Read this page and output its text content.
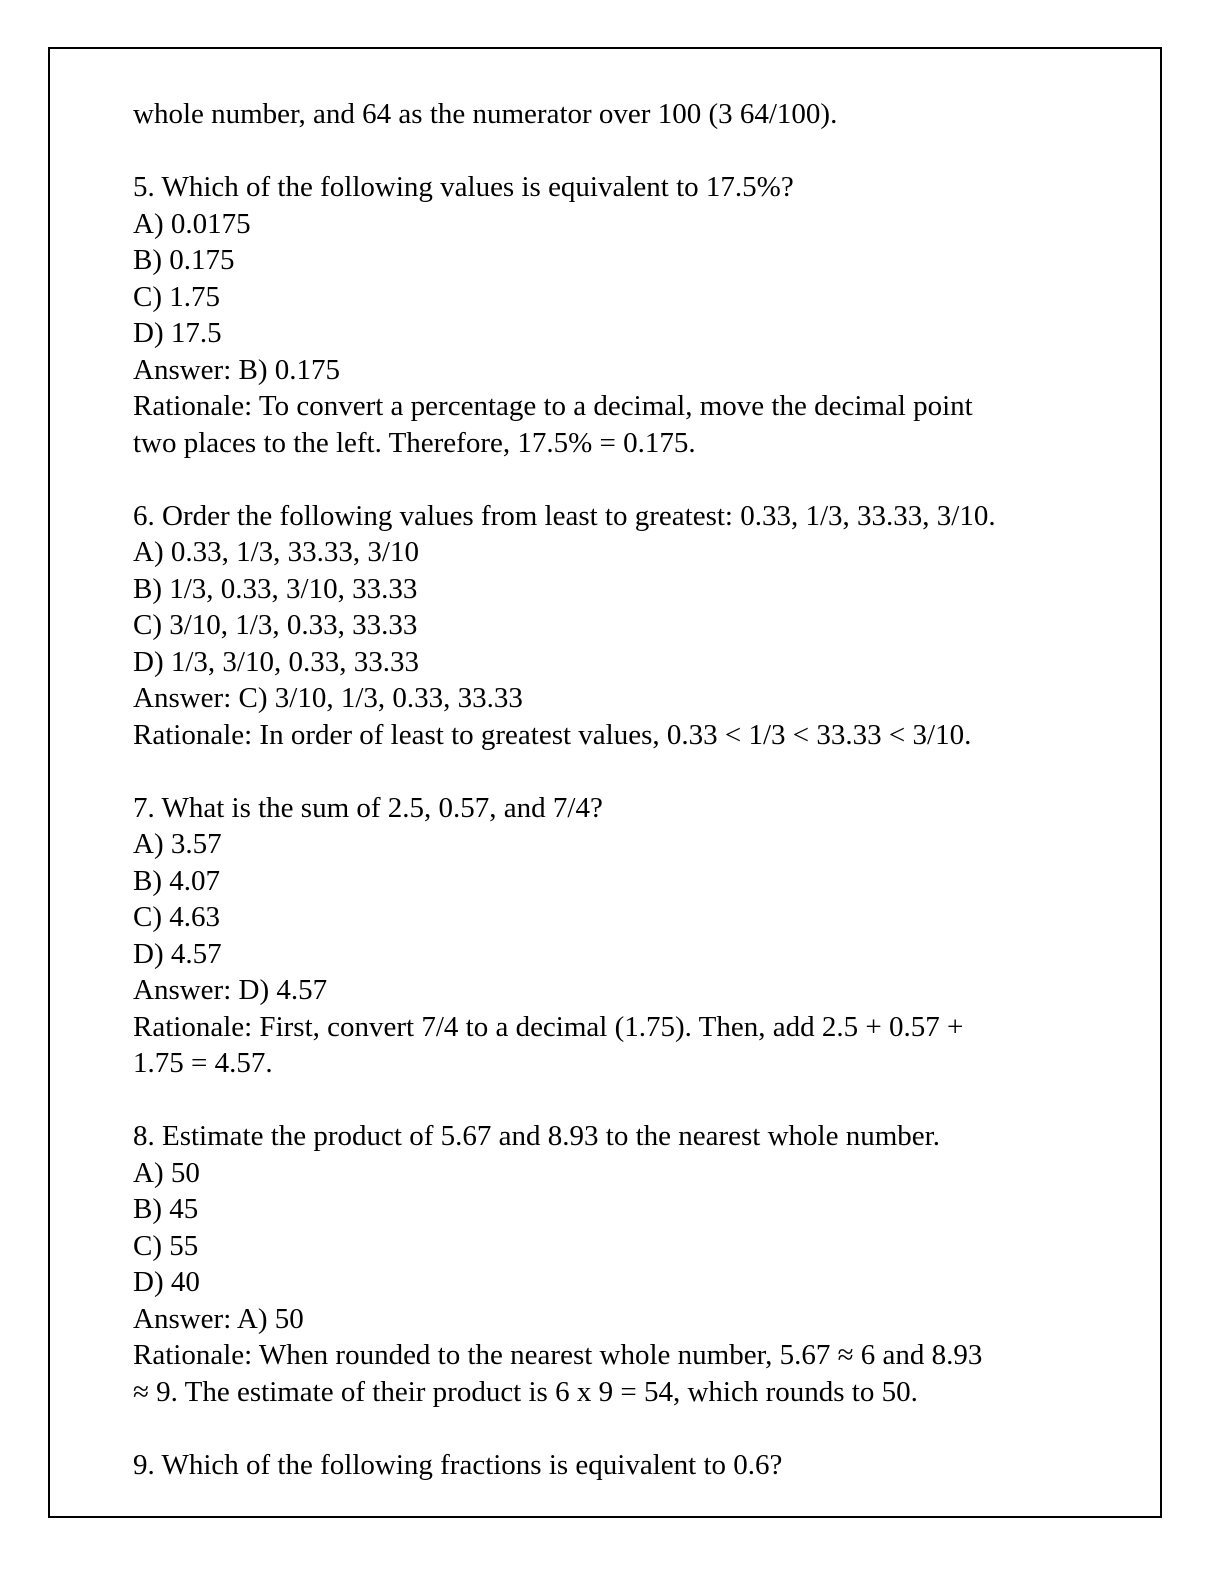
whole number, and 64 as the numerator over 100 (3 64/100).
5. Which of the following values is equivalent to 17.5%?
A) 0.0175
B) 0.175
C) 1.75
D) 17.5
Answer: B) 0.175
Rationale: To convert a percentage to a decimal, move the decimal point
two places to the left. Therefore, 17.5% = 0.175.
6. Order the following values from least to greatest: 0.33, 1/3, 33.33, 3/10.
A) 0.33, 1/3, 33.33, 3/10
B) 1/3, 0.33, 3/10, 33.33
C) 3/10, 1/3, 0.33, 33.33
D) 1/3, 3/10, 0.33, 33.33
Answer: C) 3/10, 1/3, 0.33, 33.33
Rationale: In order of least to greatest values, 0.33 < 1/3 < 33.33 < 3/10.
7. What is the sum of 2.5, 0.57, and 7/4?
A) 3.57
B) 4.07
C) 4.63
D) 4.57
Answer: D) 4.57
Rationale: First, convert 7/4 to a decimal (1.75). Then, add 2.5 + 0.57 +
1.75 = 4.57.
8. Estimate the product of 5.67 and 8.93 to the nearest whole number.
A) 50
B) 45
C) 55
D) 40
Answer: A) 50
Rationale: When rounded to the nearest whole number, 5.67 ≈ 6 and 8.93
≈ 9. The estimate of their product is 6 x 9 = 54, which rounds to 50.
9. Which of the following fractions is equivalent to 0.6?
